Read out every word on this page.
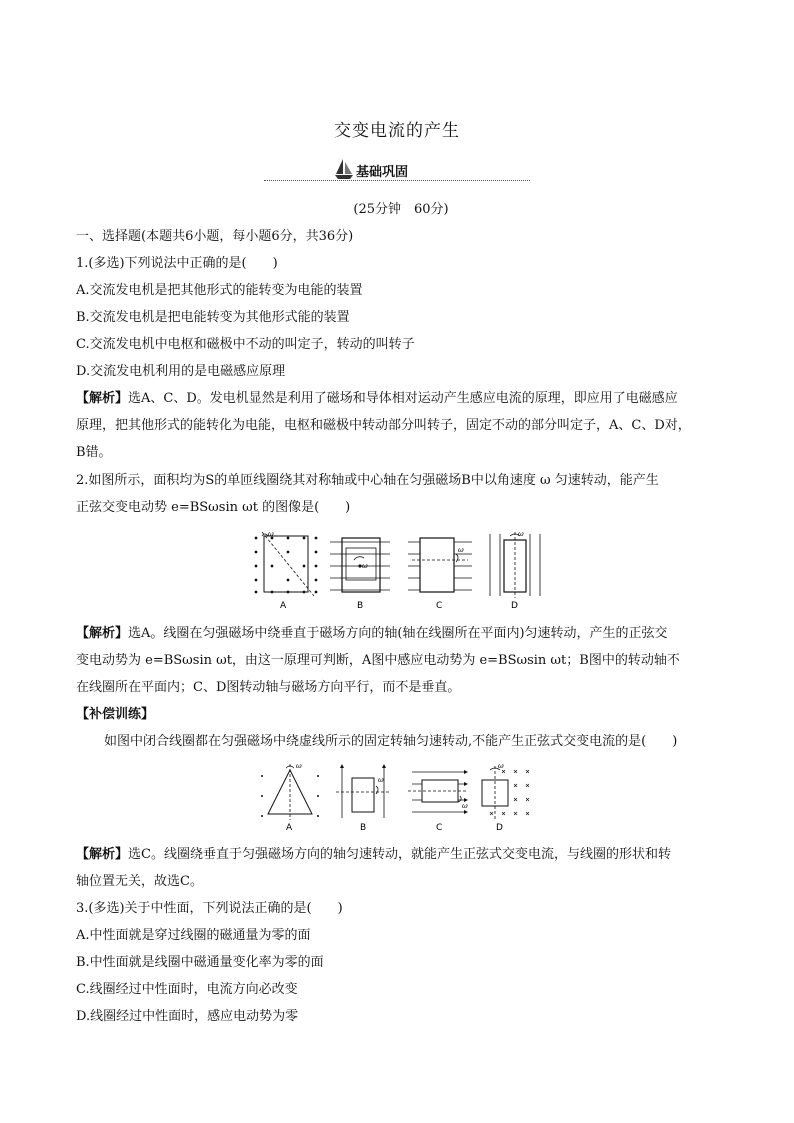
交变电流的产生
基础巩固
(25分钟　60分)
一、选择题(本题共6小题，每小题6分，共36分)
1.(多选)下列说法中正确的是(　　)
A.交流发电机是把其他形式的能转变为电能的装置
B.交流发电机是把电能转变为其他形式能的装置
C.交流发电机中电枢和磁极中不动的叫定子，转动的叫转子
D.交流发电机利用的是电磁感应原理
【解析】选A、C、D。发电机显然是利用了磁场和导体相对运动产生感应电流的原理，即应用了电磁感应
原理，把其他形式的能转化为电能，电枢和磁极中转动部分叫转子，固定不动的部分叫定子，A、C、D对，
B错。
2.如图所示，面积均为S的单匝线圈绕其对称轴或中心轴在匀强磁场B中以角速度 ω 匀速转动，能产生
正弦交变电动势 e=BSωsin ωt 的图像是(　　)
ω
A
ω
B
ω
C
ω
D
【解析】选A。线圈在匀强磁场中绕垂直于磁场方向的轴(轴在线圈所在平面内)匀速转动，产生的正弦交
变电动势为 e=BSωsin ωt，由这一原理可判断，A图中感应电动势为 e=BSωsin ωt；B图中的转动轴不
在线圈所在平面内；C、D图转动轴与磁场方向平行，而不是垂直。
【补偿训练】
如图中闭合线圈都在匀强磁场中绕虚线所示的固定转轴匀速转动,不能产生正弦式交变电流的是(　　)
ω
A
ω
B
ω
C
ω
D
【解析】选C。线圈绕垂直于匀强磁场方向的轴匀速转动，就能产生正弦式交变电流，与线圈的形状和转
轴位置无关，故选C。
3.(多选)关于中性面，下列说法正确的是(　　)
A.中性面就是穿过线圈的磁通量为零的面
B.中性面就是线圈中磁通量变化率为零的面
C.线圈经过中性面时，电流方向必改变
D.线圈经过中性面时，感应电动势为零
